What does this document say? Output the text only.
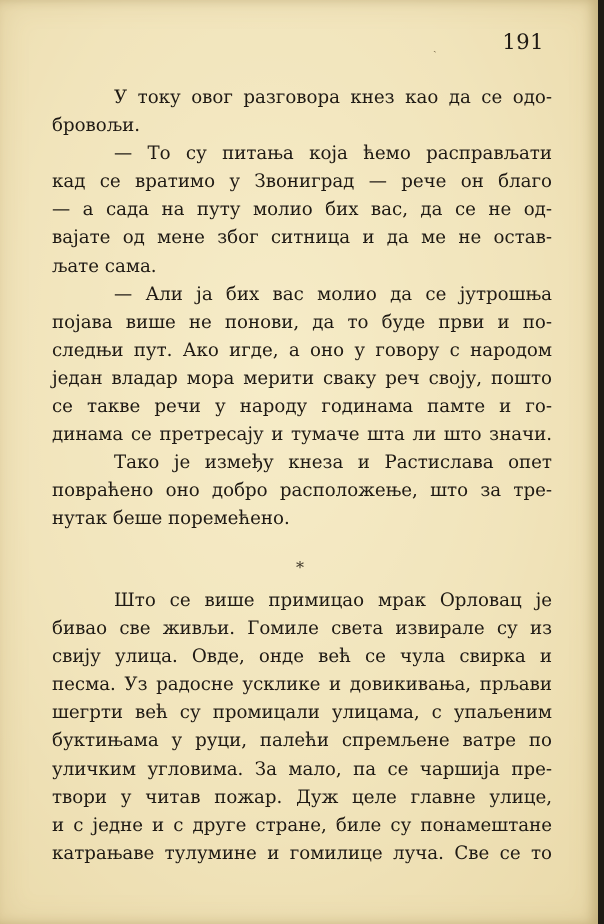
ˎ	191

У току овог разговора кнез као да се одо-
бровољи.

— То су питања која ћемо расправљати
кад се вратимо у Звониград — рече он благо
— а сада на путу молио бих вас, да се не од-
вајате од мене због ситница и да ме не остав-
љате сама.

— Али ја бих вас молио да се јутрошња
појава више не понови, да то буде први и по-
следњи пут. Ако игде, а оно у говору с народом
један владар мора мерити сваку реч своју, пошто
се такве речи у народу годинама памте и го-
динама се претресају и тумаче шта ли што значи.

Тако је између кнеза и Растислава опет
повраћено оно добро расположење, што за тре-
нутак беше поремећено.

*

Што се више примицао мрак Орловац је
бивао све живљи. Гомиле света извирале су из
свију улица. Овде, онде већ се чула свирка и
песма. Уз радосне усклике и довикивања, прљави
шегрти већ су промицали улицама, с упаљеним
буктињама у руци, палећи спремљене ватре по
уличким угловима. За мало, па се чаршија пре-
твори у читав пожар. Дуж целе главне улице,
и с једне и с друге стране, биле су понамештане
катрањаве тулумине и гомилице луча. Све се то
